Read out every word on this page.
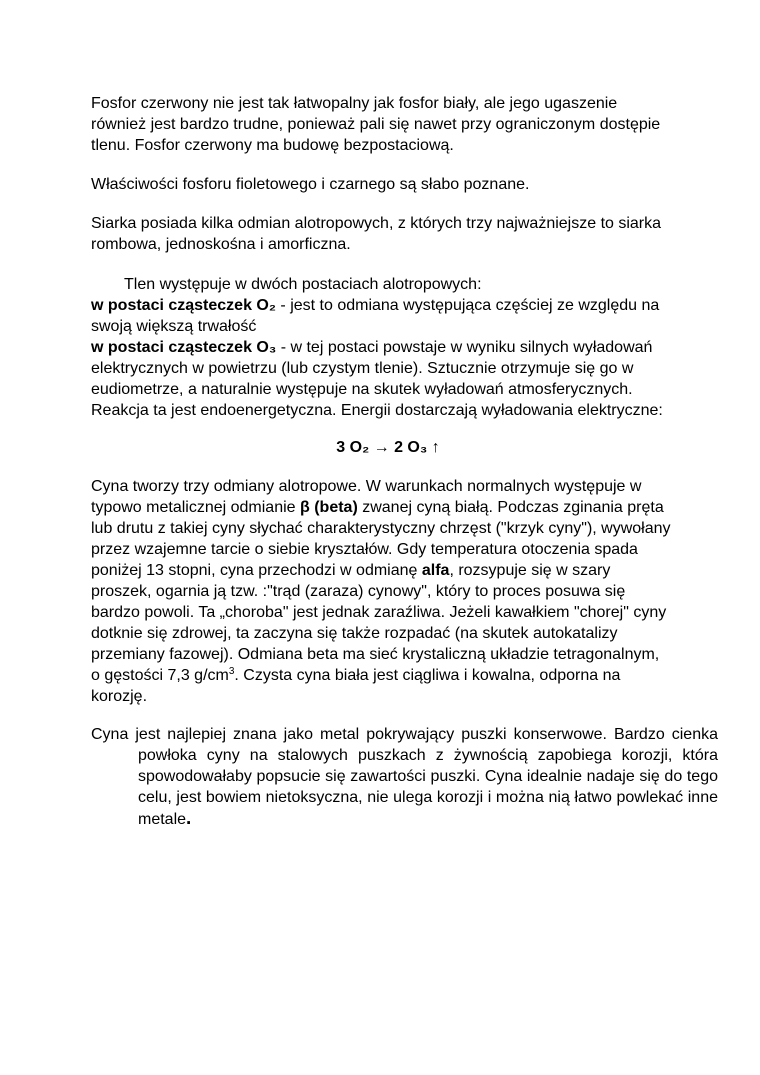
Fosfor czerwony nie jest tak łatwopalny jak fosfor biały, ale jego ugaszenie również jest bardzo trudne, ponieważ pali się nawet przy ograniczonym dostępie tlenu. Fosfor czerwony ma budowę bezpostaciową.

Właściwości fosforu fioletowego i czarnego są słabo poznane.

Siarka posiada kilka odmian alotropowych, z których trzy najważniejsze to siarka rombowa, jednoskośna i amorficzna.

Tlen występuje w dwóch postaciach alotropowych:

w postaci cząsteczek O₂ - jest to odmiana występująca częściej ze względu na swoją większą trwałość

w postaci cząsteczek O₃ - w tej postaci powstaje w wyniku silnych wyładowań elektrycznych w powietrzu (lub czystym tlenie). Sztucznie otrzymuje się go w eudiometrze, a naturalnie występuje na skutek wyładowań atmosferycznych. Reakcja ta jest endoenergetyczna. Energii dostarczają wyładowania elektryczne:

3 O₂ → 2 O₃ ↑

Cyna tworzy trzy odmiany alotropowe. W warunkach normalnych występuje w typowo metalicznej odmianie β (beta) zwanej cyną białą. Podczas zginania pręta lub drutu z takiej cyny słychać charakterystyczny chrzęst ("krzyk cyny"), wywołany przez wzajemne tarcie o siebie kryształów. Gdy temperatura otoczenia spada poniżej 13 stopni, cyna przechodzi w odmianę alfa, rozsypuje się w szary proszek, ogarnia ją tzw. :"trąd (zaraza) cynowy", który to proces posuwa się bardzo powoli. Ta „choroba" jest jednak zaraźliwa. Jeżeli kawałkiem "chorej" cyny dotknie się zdrowej, ta zaczyna się także rozpadać (na skutek autokatalizy przemiany fazowej). Odmiana beta ma sieć krystaliczną układzie tetragonalnym, o gęstości 7,3 $g/cm^3$. Czysta cyna biała jest ciągliwa i kowalna, odporna na korozję.

Cyna jest najlepiej znana jako metal pokrywający puszki konserwowe. Bardzo cienka powłoka cyny na stalowych puszkach z żywnością zapobiega korozji, która spowodowałaby popsucie się zawartości puszki. Cyna idealnie nadaje się do tego celu, jest bowiem nietoksyczna, nie ulega korozji i można nią łatwo powlekać inne metale.
